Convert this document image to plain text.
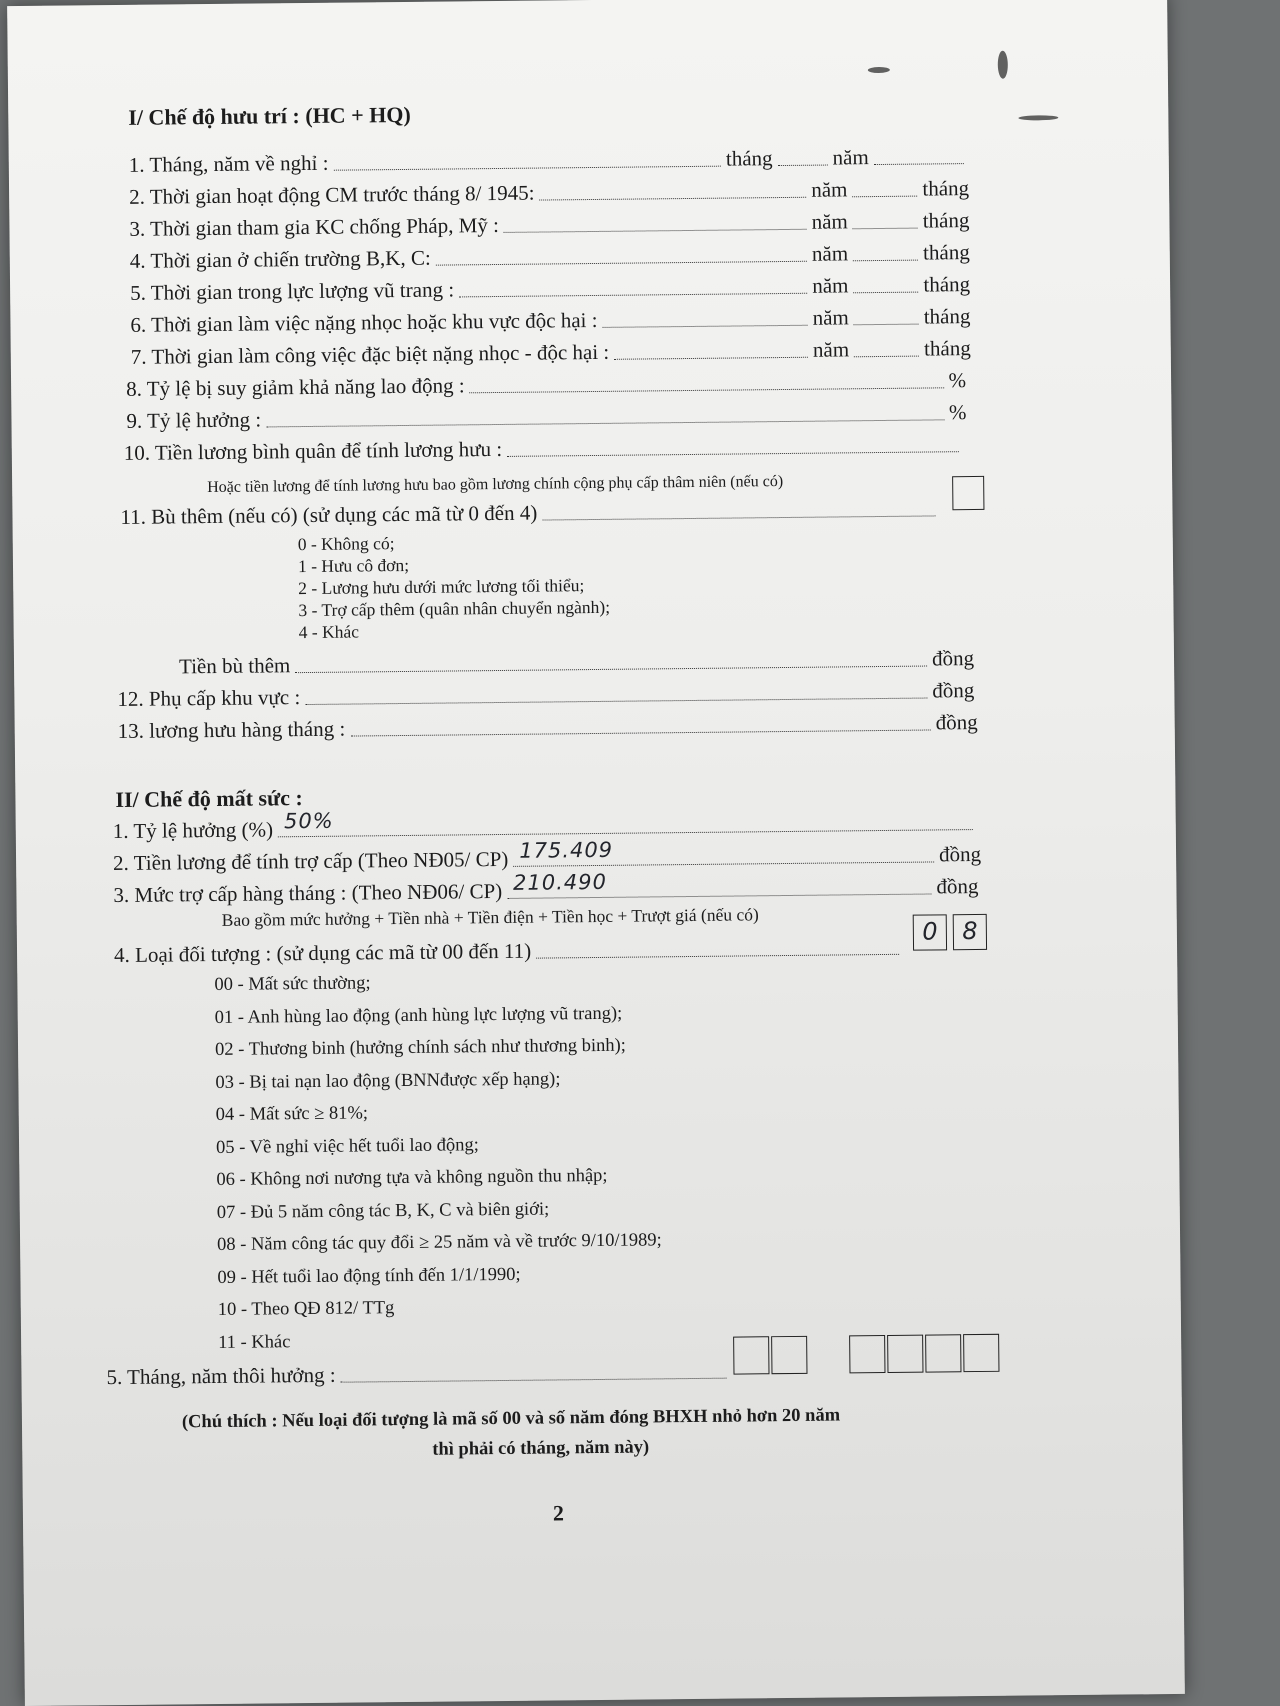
I/ Chế độ hưu trí : (HC + HQ)
1. Tháng, năm về nghỉ :	tháng	năm
2. Thời gian hoạt động CM trước tháng 8/ 1945:	năm	tháng
3. Thời gian tham gia KC chống Pháp, Mỹ :	năm	tháng
4. Thời gian ở chiến trường B,K, C:	năm	tháng
5. Thời gian trong lực lượng vũ trang :	năm	tháng
6. Thời gian làm việc nặng nhọc hoặc khu vực độc hại :	năm	tháng
7. Thời gian làm công việc đặc biệt nặng nhọc - độc hại :	năm	tháng
8. Tỷ lệ bị suy giảm khả năng lao động :	%
9. Tỷ lệ hưởng :	%
10. Tiền lương bình quân để tính lương hưu :
Hoặc tiền lương để tính lương hưu bao gồm lương chính cộng phụ cấp thâm niên (nếu có)
11. Bù thêm (nếu có) (sử dụng các mã từ 0 đến 4)
0 - Không có;
1 - Hưu cô đơn;
2 - Lương hưu dưới mức lương tối thiểu;
3 - Trợ cấp thêm (quân nhân chuyển ngành);
4 - Khác
Tiền bù thêm	đồng
12. Phụ cấp khu vực :	đồng
13. lương hưu hàng tháng :	đồng
II/ Chế độ mất sức :
1. Tỷ lệ hưởng (%) 50%
2. Tiền lương để tính trợ cấp (Theo NĐ05/ CP) 175.409	đồng
3. Mức trợ cấp hàng tháng : (Theo NĐ06/ CP) 210.490	đồng
Bao gồm mức hưởng + Tiền nhà + Tiền điện + Tiền học + Trượt giá (nếu có)
4. Loại đối tượng : (sử dụng các mã từ 00 đến 11)
0	8
00 - Mất sức thường;
01 - Anh hùng lao động (anh hùng lực lượng vũ trang);
02 - Thương binh (hưởng chính sách như thương binh);
03 - Bị tai nạn lao động (BNNđược xếp hạng);
04 - Mất sức ≥ 81%;
05 - Về nghỉ việc hết tuổi lao động;
06 - Không nơi nương tựa và không nguồn thu nhập;
07 - Đủ 5 năm công tác B, K, C và biên giới;
08 - Năm công tác quy đổi ≥ 25 năm và về trước 9/10/1989;
09 - Hết tuổi lao động tính đến 1/1/1990;
10 - Theo QĐ 812/ TTg
11 - Khác
5. Tháng, năm thôi hưởng :
(Chú thích : Nếu loại đối tượng là mã số 00 và số năm đóng BHXH nhỏ hơn 20 năm
thì phải có tháng, năm này)
2
